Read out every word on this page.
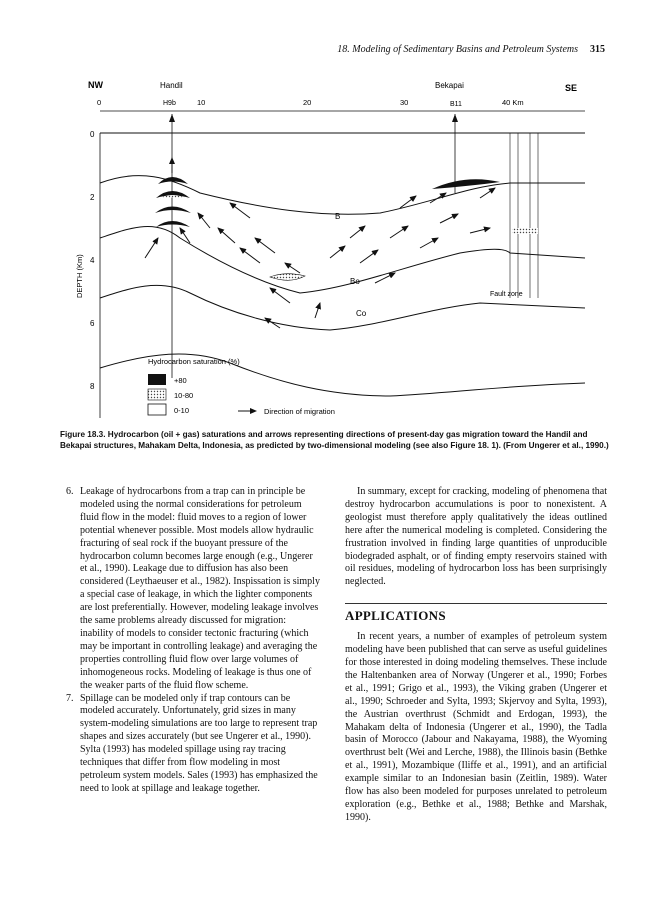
18. Modeling of Sedimentary Basins and Petroleum Systems 315
NW	SE
Handil	Bekapai
0	10	20	30	40 Km
H9b	B11
0
2
4
6
8
DEPTH (Km)	Fault zone
B
Bo
Co
Hydrocarbon saturation (%)
+80
10-80
0-10	Direction of migration
Figure 18.3. Hydrocarbon (oil + gas) saturations and arrows representing directions of present-day gas migration toward the Handil and Bekapai structures, Mahakam Delta, Indonesia, as predicted by two-dimensional modeling (see also Figure 18. 1). (From Ungerer et al., 1990.)
6. Leakage of hydrocarbons from a trap can in principle be modeled using the normal considerations for petroleum fluid flow in the model: fluid moves to a region of lower potential whenever possible. Most models allow hydraulic fracturing of seal rock if the buoyant pressure of the hydrocarbon column becomes large enough (e.g., Ungerer et al., 1990). Leakage due to diffusion has also been considered (Leythaeuser et al., 1982). Inspissation is simply a special case of leakage, in which the lighter components are lost preferentially. However, modeling leakage involves the same problems already discussed for migration: inability of models to consider tectonic fracturing (which may be important in controlling leakage) and averaging the properties controlling fluid flow over large volumes of inhomogeneous rocks. Modeling of leakage is thus one of the weaker parts of the fluid flow scheme.
7. Spillage can be modeled only if trap contours can be modeled accurately. Unfortunately, grid sizes in many system-modeling simulations are too large to represent trap shapes and sizes accurately (but see Ungerer et al., 1990). Sylta (1993) has modeled spillage using ray tracing techniques that differ from flow modeling in most petroleum system models. Sales (1993) has emphasized the need to look at spillage and leakage together.

In summary, except for cracking, modeling of phenomena that destroy hydrocarbon accumulations is poor to nonexistent. A geologist must therefore apply qualitatively the ideas outlined here after the numerical modeling is completed. Considering the frustration involved in finding large quantities of unproducible biodegraded asphalt, or of finding empty reservoirs stained with oil residues, modeling of hydrocarbon loss has been surprisingly neglected.

APPLICATIONS

In recent years, a number of examples of petroleum system modeling have been published that can serve as useful guidelines for those interested in doing modeling themselves. These include the Haltenbanken area of Norway (Ungerer et al., 1990; Forbes et al., 1991; Grigo et al., 1993), the Viking graben (Ungerer et al., 1990; Schroeder and Sylta, 1993; Skjervoy and Sylta, 1993), the Austrian overthrust (Schmidt and Erdogan, 1993), the Mahakam delta of Indonesia (Ungerer et al., 1990), the Tadla basin of Morocco (Jabour and Nakayama, 1988), the Wyoming overthrust belt (Wei and Lerche, 1988), the Illinois basin (Bethke et al., 1991), Mozambique (Iliffe et al., 1991), and an artificial example similar to an Indonesian basin (Zeitlin, 1989). Water flow has also been modeled for purposes unrelated to petroleum exploration (e.g., Bethke et al., 1988; Bethke and Marshak, 1990).
